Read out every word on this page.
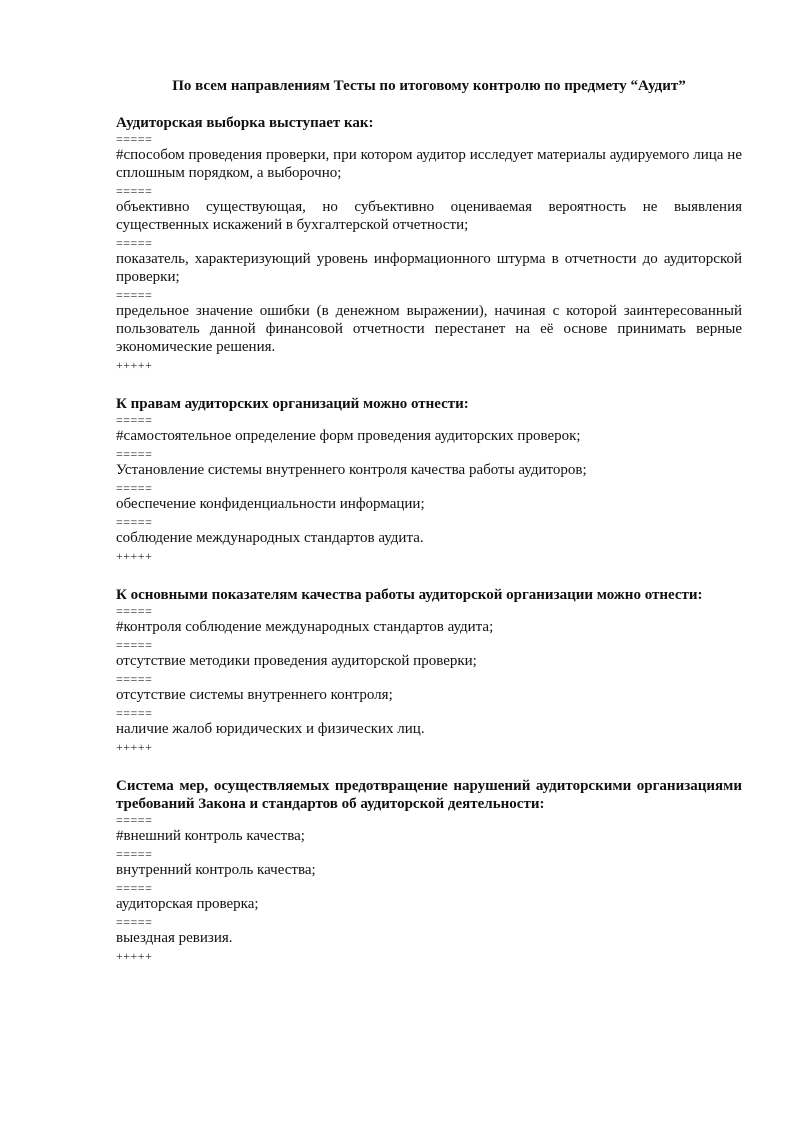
По всем направлениям Тесты по итоговому контролю по предмету “Аудит”

Аудиторская выборка выступает как:

=====

#способом проведения проверки, при котором аудитор исследует материалы аудируемого лица не сплошным порядком, а выборочно;

=====

объективно существующая, но субъективно оцениваемая вероятность не выявления существенных искажений в бухгалтерской отчетности;

=====

показатель, характеризующий уровень информационного штурма в отчетности до аудиторской проверки;

=====

предельное значение ошибки (в денежном выражении), начиная с которой заинтересованный пользователь данной финансовой отчетности перестанет на её основе принимать верные экономические решения.

+++++

К правам аудиторских организаций можно отнести:

=====

#самостоятельное определение форм проведения аудиторских проверок;

=====

Установление системы внутреннего контроля качества работы аудиторов;

=====

обеспечение конфиденциальности информации;

=====

соблюдение международных стандартов аудита.

+++++

К основными показателям качества работы аудиторской организации можно отнести:

=====

#контроля соблюдение международных стандартов аудита;

=====

отсутствие методики проведения аудиторской проверки;

=====

отсутствие системы внутреннего контроля;

=====

наличие жалоб юридических и физических лиц.

+++++

Система мер, осуществляемых предотвращение нарушений аудиторскими организациями требований Закона и стандартов об аудиторской деятельности:

=====

#внешний контроль качества;

=====

внутренний контроль качества;

=====

аудиторская проверка;

=====

выездная ревизия.

+++++
